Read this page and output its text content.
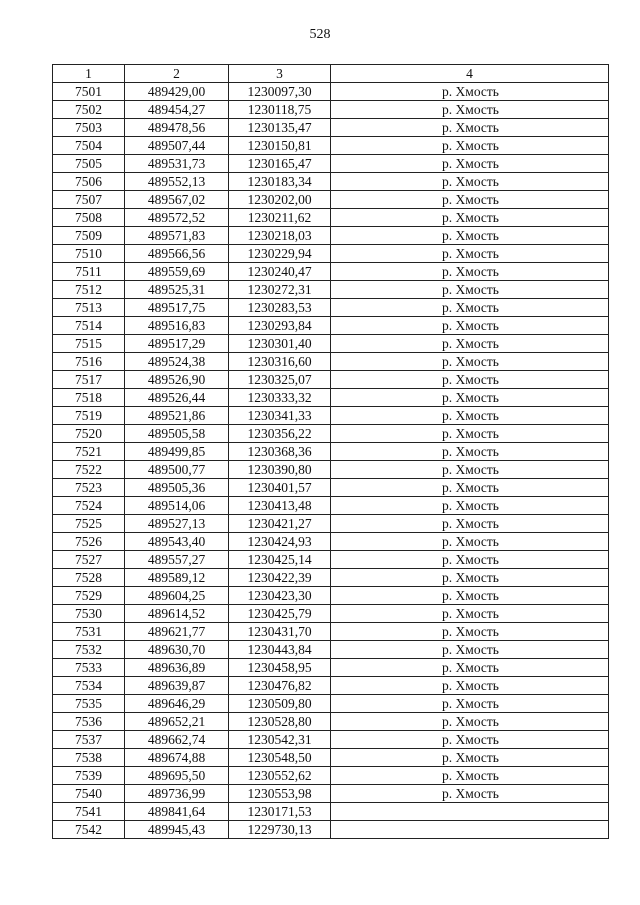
528
1	2	3	4
7501	489429,00	1230097,30	р. Хмость
7502	489454,27	1230118,75	р. Хмость
7503	489478,56	1230135,47	р. Хмость
7504	489507,44	1230150,81	р. Хмость
7505	489531,73	1230165,47	р. Хмость
7506	489552,13	1230183,34	р. Хмость
7507	489567,02	1230202,00	р. Хмость
7508	489572,52	1230211,62	р. Хмость
7509	489571,83	1230218,03	р. Хмость
7510	489566,56	1230229,94	р. Хмость
7511	489559,69	1230240,47	р. Хмость
7512	489525,31	1230272,31	р. Хмость
7513	489517,75	1230283,53	р. Хмость
7514	489516,83	1230293,84	р. Хмость
7515	489517,29	1230301,40	р. Хмость
7516	489524,38	1230316,60	р. Хмость
7517	489526,90	1230325,07	р. Хмость
7518	489526,44	1230333,32	р. Хмость
7519	489521,86	1230341,33	р. Хмость
7520	489505,58	1230356,22	р. Хмость
7521	489499,85	1230368,36	р. Хмость
7522	489500,77	1230390,80	р. Хмость
7523	489505,36	1230401,57	р. Хмость
7524	489514,06	1230413,48	р. Хмость
7525	489527,13	1230421,27	р. Хмость
7526	489543,40	1230424,93	р. Хмость
7527	489557,27	1230425,14	р. Хмость
7528	489589,12	1230422,39	р. Хмость
7529	489604,25	1230423,30	р. Хмость
7530	489614,52	1230425,79	р. Хмость
7531	489621,77	1230431,70	р. Хмость
7532	489630,70	1230443,84	р. Хмость
7533	489636,89	1230458,95	р. Хмость
7534	489639,87	1230476,82	р. Хмость
7535	489646,29	1230509,80	р. Хмость
7536	489652,21	1230528,80	р. Хмость
7537	489662,74	1230542,31	р. Хмость
7538	489674,88	1230548,50	р. Хмость
7539	489695,50	1230552,62	р. Хмость
7540	489736,99	1230553,98	р. Хмость
7541	489841,64	1230171,53	
7542	489945,43	1229730,13	
